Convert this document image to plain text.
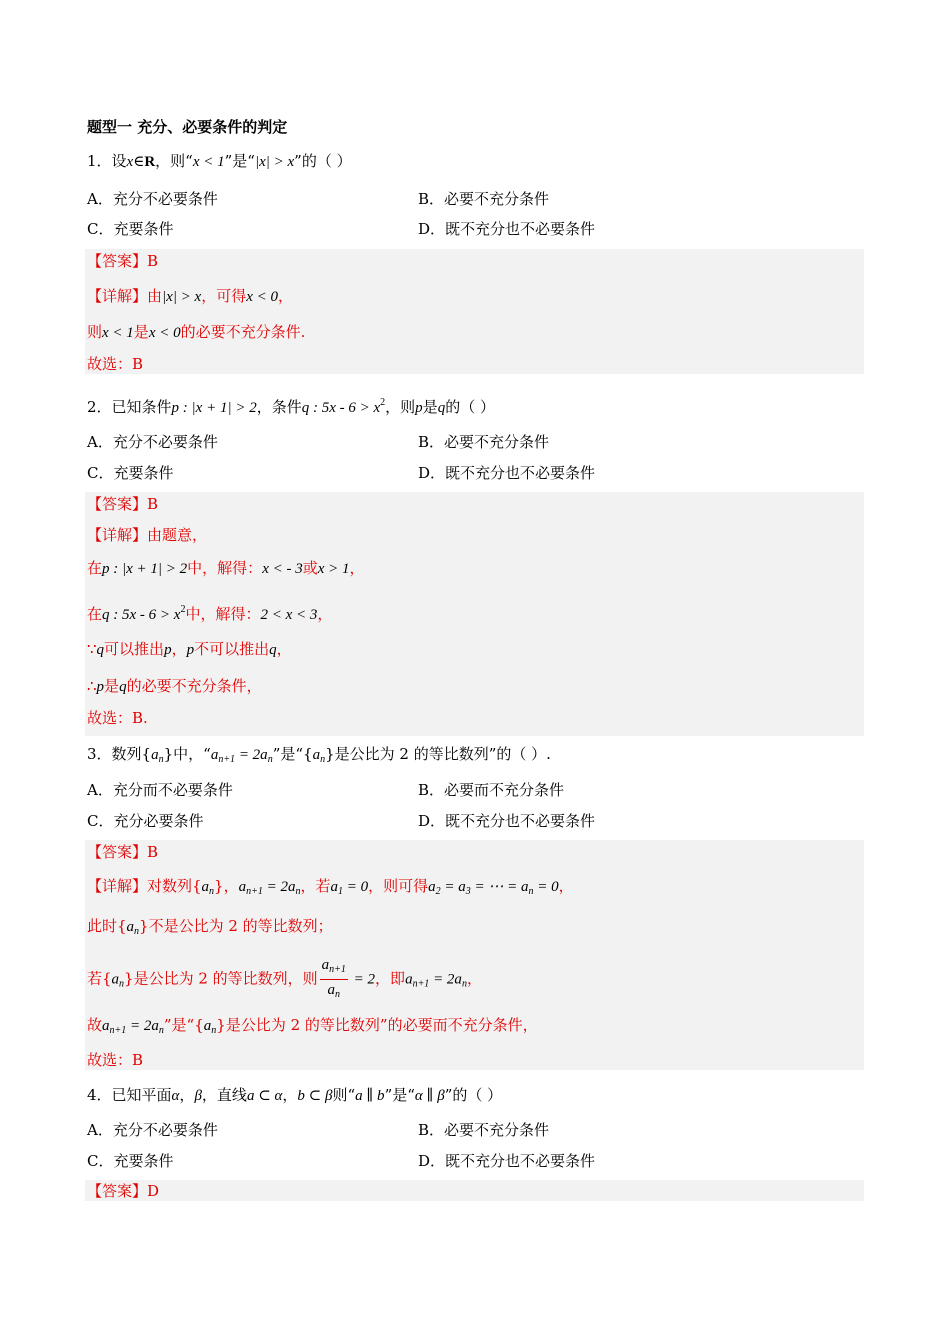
题型一 充分、必要条件的判定
1．设x∈R，则“x < 1”是“|x| > x”的（ ）
A．充分不必要条件	B．必要不充分条件
C．充要条件	D．既不充分也不必要条件
【答案】B
【详解】由|x| > x，可得x < 0，
则x < 1是x < 0的必要不充分条件.
故选：B
2．已知条件p : |x + 1| > 2，条件q : $5x - 6 > x^2$，则p是q的（ ）
A．充分不必要条件	B．必要不充分条件
C．充要条件	D．既不充分也不必要条件
【答案】B
【详解】由题意，
在p : |x + 1| > 2中，解得：x < - 3或x > 1，
在q : $5x - 6 > x^2$中，解得：2 < x < 3，
∵q可以推出p，p不可以推出q，
∴p是q的必要不充分条件，
故选：B.
3．数列$\{a_n\}$中，“$a_{n+1} = 2a_n$”是“$\{a_n\}$是公比为 2 的等比数列”的（ ）.
A．充分而不必要条件	B．必要而不充分条件
C．充分必要条件	D．既不充分也不必要条件
【答案】B
【详解】对数列$\{a_n\}$，$a_{n+1} = 2a_n$，若$a_1 = 0$，则可得$a_2 = a_3$ = ⋯ = $a_n = 0$，
此时$\{a_n\}$不是公比为 2 的等比数列；
若$\{a_n\}$是公比为 2 的等比数列，则 $\frac{a_{n+1}}{a_n} = 2$，即$a_{n+1} = 2a_n$，
故$a_{n+1} = 2a_n$”是“$\{a_n\}$是公比为 2 的等比数列”的必要而不充分条件，
故选：B
4．已知平面α，β，直线a ⊂ α，b ⊂ β则“a ∥ b”是“α ∥ β”的（ ）
A．充分不必要条件	B．必要不充分条件
C．充要条件	D．既不充分也不必要条件
【答案】D
